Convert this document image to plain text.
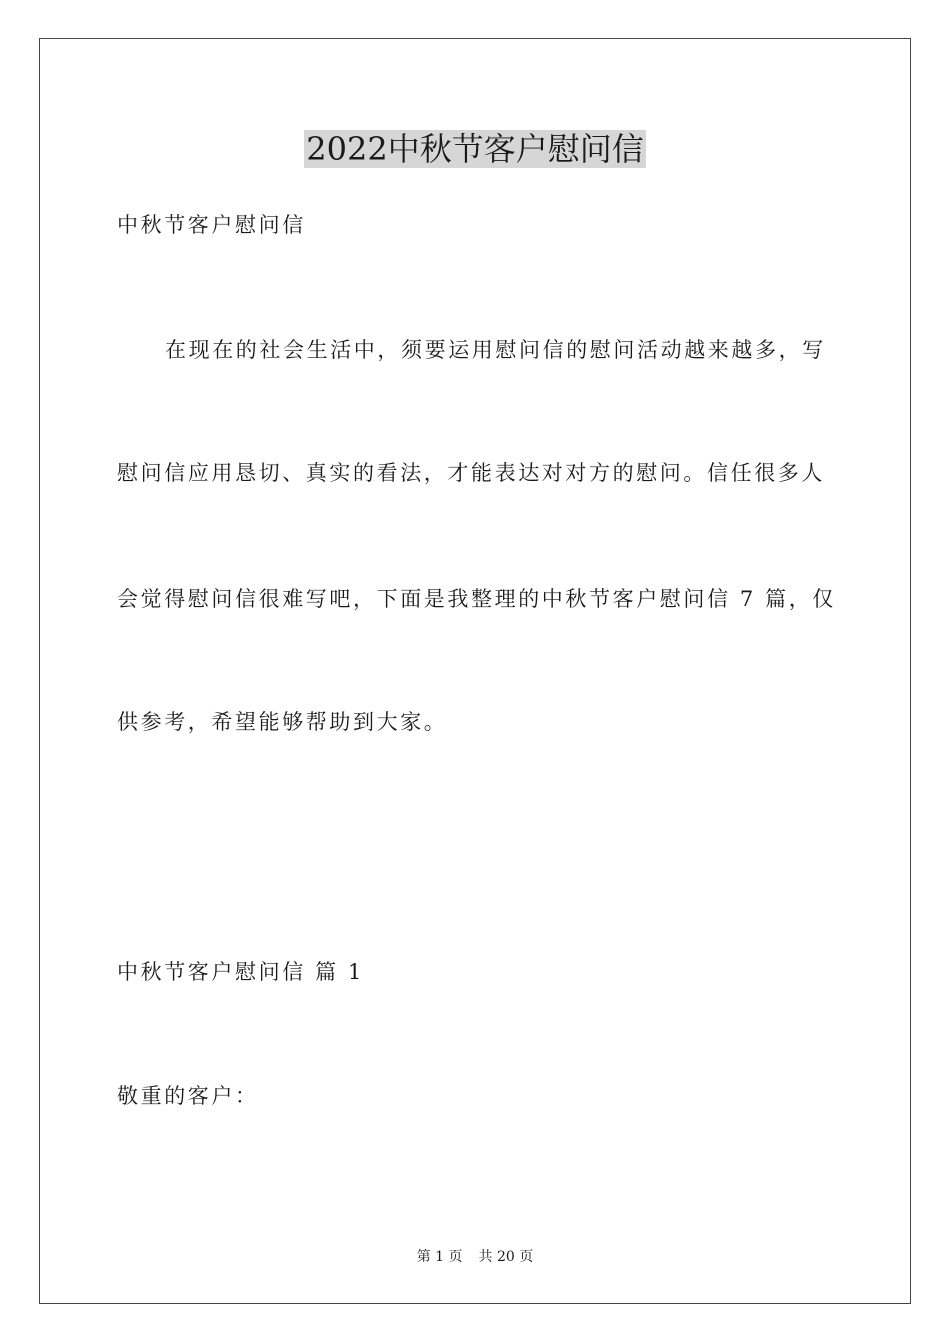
2022中秋节客户慰问信
中秋节客户慰问信
在现在的社会生活中，须要运用慰问信的慰问活动越来越多，写
慰问信应用恳切、真实的看法，才能表达对对方的慰问。信任很多人
会觉得慰问信很难写吧，下面是我整理的中秋节客户慰问信 7 篇，仅
供参考，希望能够帮助到大家。
中秋节客户慰问信 篇 1
敬重的客户：
第 1 页 共 20 页
